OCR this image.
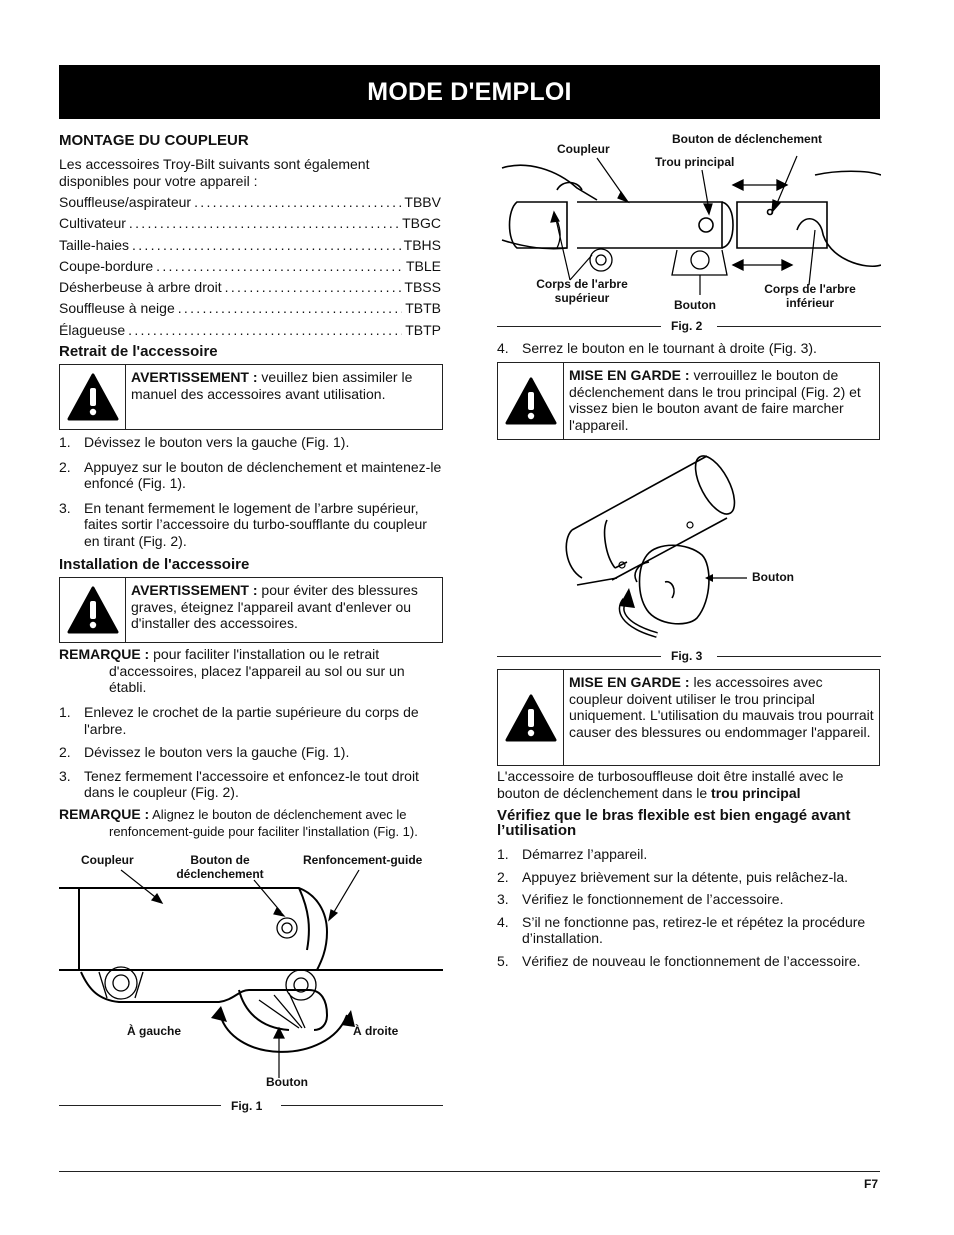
MODE D'EMPLOI
MONTAGE DU COUPLEUR
Les accessoires Troy-Bilt suivants sont également disponibles pour votre appareil :
Souffleuse/aspirateur .....	TBBV
Cultivateur .....	TBGC
Taille-haies .....	TBHS
Coupe-bordure .....	TBLE
Désherbeuse à arbre droit .....	TBSS
Souffleuse à neige .....	TBTB
Élagueuse .....	TBTP
Retrait de l'accessoire
AVERTISSEMENT : veuillez bien assimiler le manuel des accessoires avant utilisation.
1. Dévissez le bouton vers la gauche (Fig. 1).
2. Appuyez sur le bouton de déclenchement et maintenez-le enfoncé (Fig. 1).
3. En tenant fermement le logement de l’arbre supérieur, faites sortir l’accessoire du turbo-soufflante du coupleur en tirant (Fig. 2).
Installation de l'accessoire
AVERTISSEMENT : pour éviter des blessures graves, éteignez l'appareil avant d'enlever ou d'installer des accessoires.
REMARQUE : pour faciliter l'installation ou le retrait d'accessoires, placez l'appareil au sol ou sur un établi.
1. Enlevez le crochet de la partie supérieure du corps de l'arbre.
2. Dévissez le bouton vers la gauche (Fig. 1).
3. Tenez fermement l'accessoire et enfoncez-le tout droit dans le coupleur (Fig. 2).
REMARQUE : Alignez le bouton de déclenchement avec le renfoncement-guide pour faciliter l'installation (Fig. 1).
Coupleur	Bouton de déclenchement
Renfoncement-guide
À gauche	À droite
Bouton
Fig. 1
Coupleur
Bouton de déclenchement
Trou principal
Corps de l'arbre supérieur	Bouton
Corps de l'arbre inférieur
Fig. 2
4. Serrez le bouton en le tournant à droite (Fig. 3).
MISE EN GARDE : verrouillez le bouton de déclenchement dans le trou principal (Fig. 2) et vissez bien le bouton avant de faire marcher l'appareil.
Bouton
Fig. 3
MISE EN GARDE : les accessoires avec coupleur doivent utiliser le trou principal uniquement. L'utilisation du mauvais trou pourrait causer des blessures ou endommager l'appareil.
L'accessoire de turbosouffleuse doit être installé avec le bouton de déclenchement dans le trou principal
Vérifiez que le bras flexible est bien engagé avant l’utilisation
1. Démarrez l’appareil.
2. Appuyez brièvement sur la détente, puis relâchez-la.
3. Vérifiez le fonctionnement de l’accessoire.
4. S’il ne fonctionne pas, retirez-le et répétez la procédure d’installation.
5. Vérifiez de nouveau le fonctionnement de l’accessoire.
F7
